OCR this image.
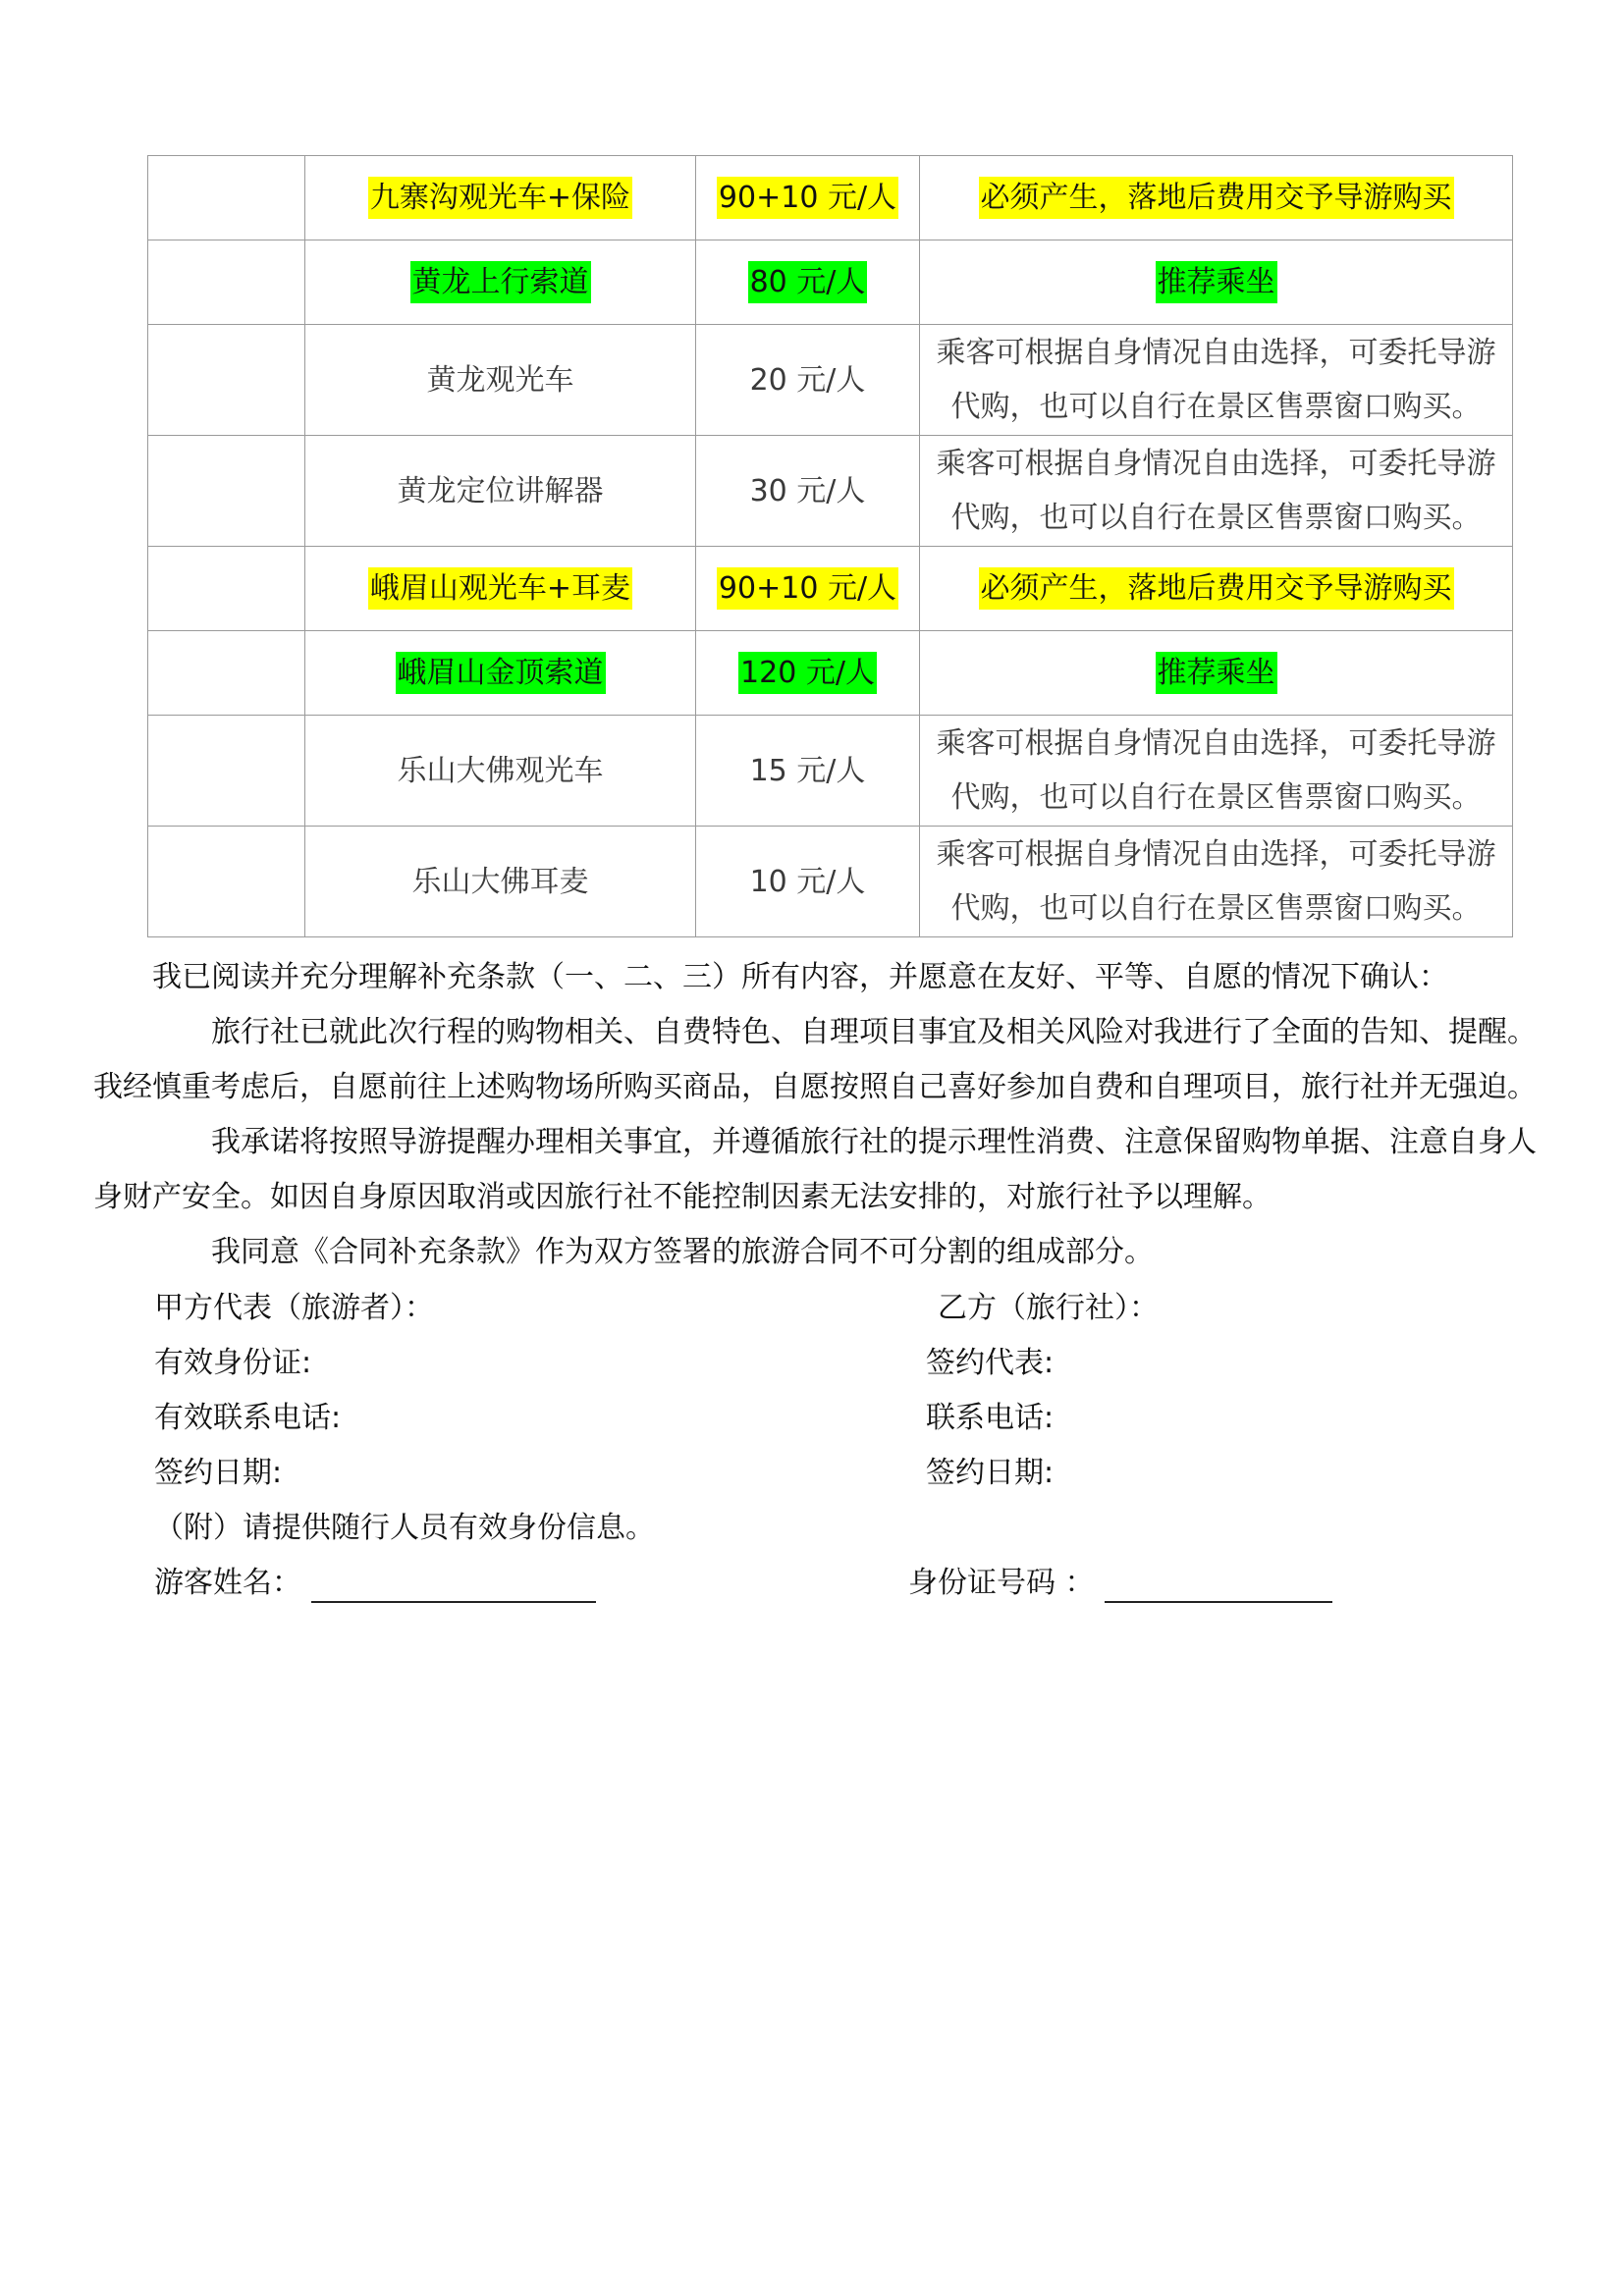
	九寨沟观光车+保险	90+10 元/人	必须产生，落地后费用交予导游购买
	黄龙上行索道	80 元/人	推荐乘坐
	黄龙观光车	20 元/人	乘客可根据自身情况自由选择，可委托导游
代购，也可以自行在景区售票窗口购买。

	黄龙定位讲解器	30 元/人	乘客可根据自身情况自由选择，可委托导游
代购，也可以自行在景区售票窗口购买。

	峨眉山观光车+耳麦	90+10 元/人	必须产生，落地后费用交予导游购买
	峨眉山金顶索道	120 元/人	推荐乘坐
	乐山大佛观光车	15 元/人	乘客可根据自身情况自由选择，可委托导游
代购，也可以自行在景区售票窗口购买。

	乐山大佛耳麦	10 元/人	乘客可根据自身情况自由选择，可委托导游
代购，也可以自行在景区售票窗口购买。

我已阅读并充分理解补充条款（一、二、三）所有内容，并愿意在友好、平等、自愿的情况下确认：

旅行社已就此次行程的购物相关、自费特色、自理项目事宜及相关风险对我进行了全面的告知、提醒。我经慎重考虑后，自愿前往上述购物场所购买商品，自愿按照自己喜好参加自费和自理项目，旅行社并无强迫。

我承诺将按照导游提醒办理相关事宜，并遵循旅行社的提示理性消费、注意保留购物单据、注意自身人身财产安全。如因自身原因取消或因旅行社不能控制因素无法安排的，对旅行社予以理解。

我同意《合同补充条款》作为双方签署的旅游合同不可分割的组成部分。

甲方代表（旅游者）：	乙方（旅行社）：
有效身份证:	签约代表:
有效联系电话:	联系电话:
签约日期:	签约日期:
（附）请提供随行人员有效身份信息。
游客姓名：	身份证号码 ：
